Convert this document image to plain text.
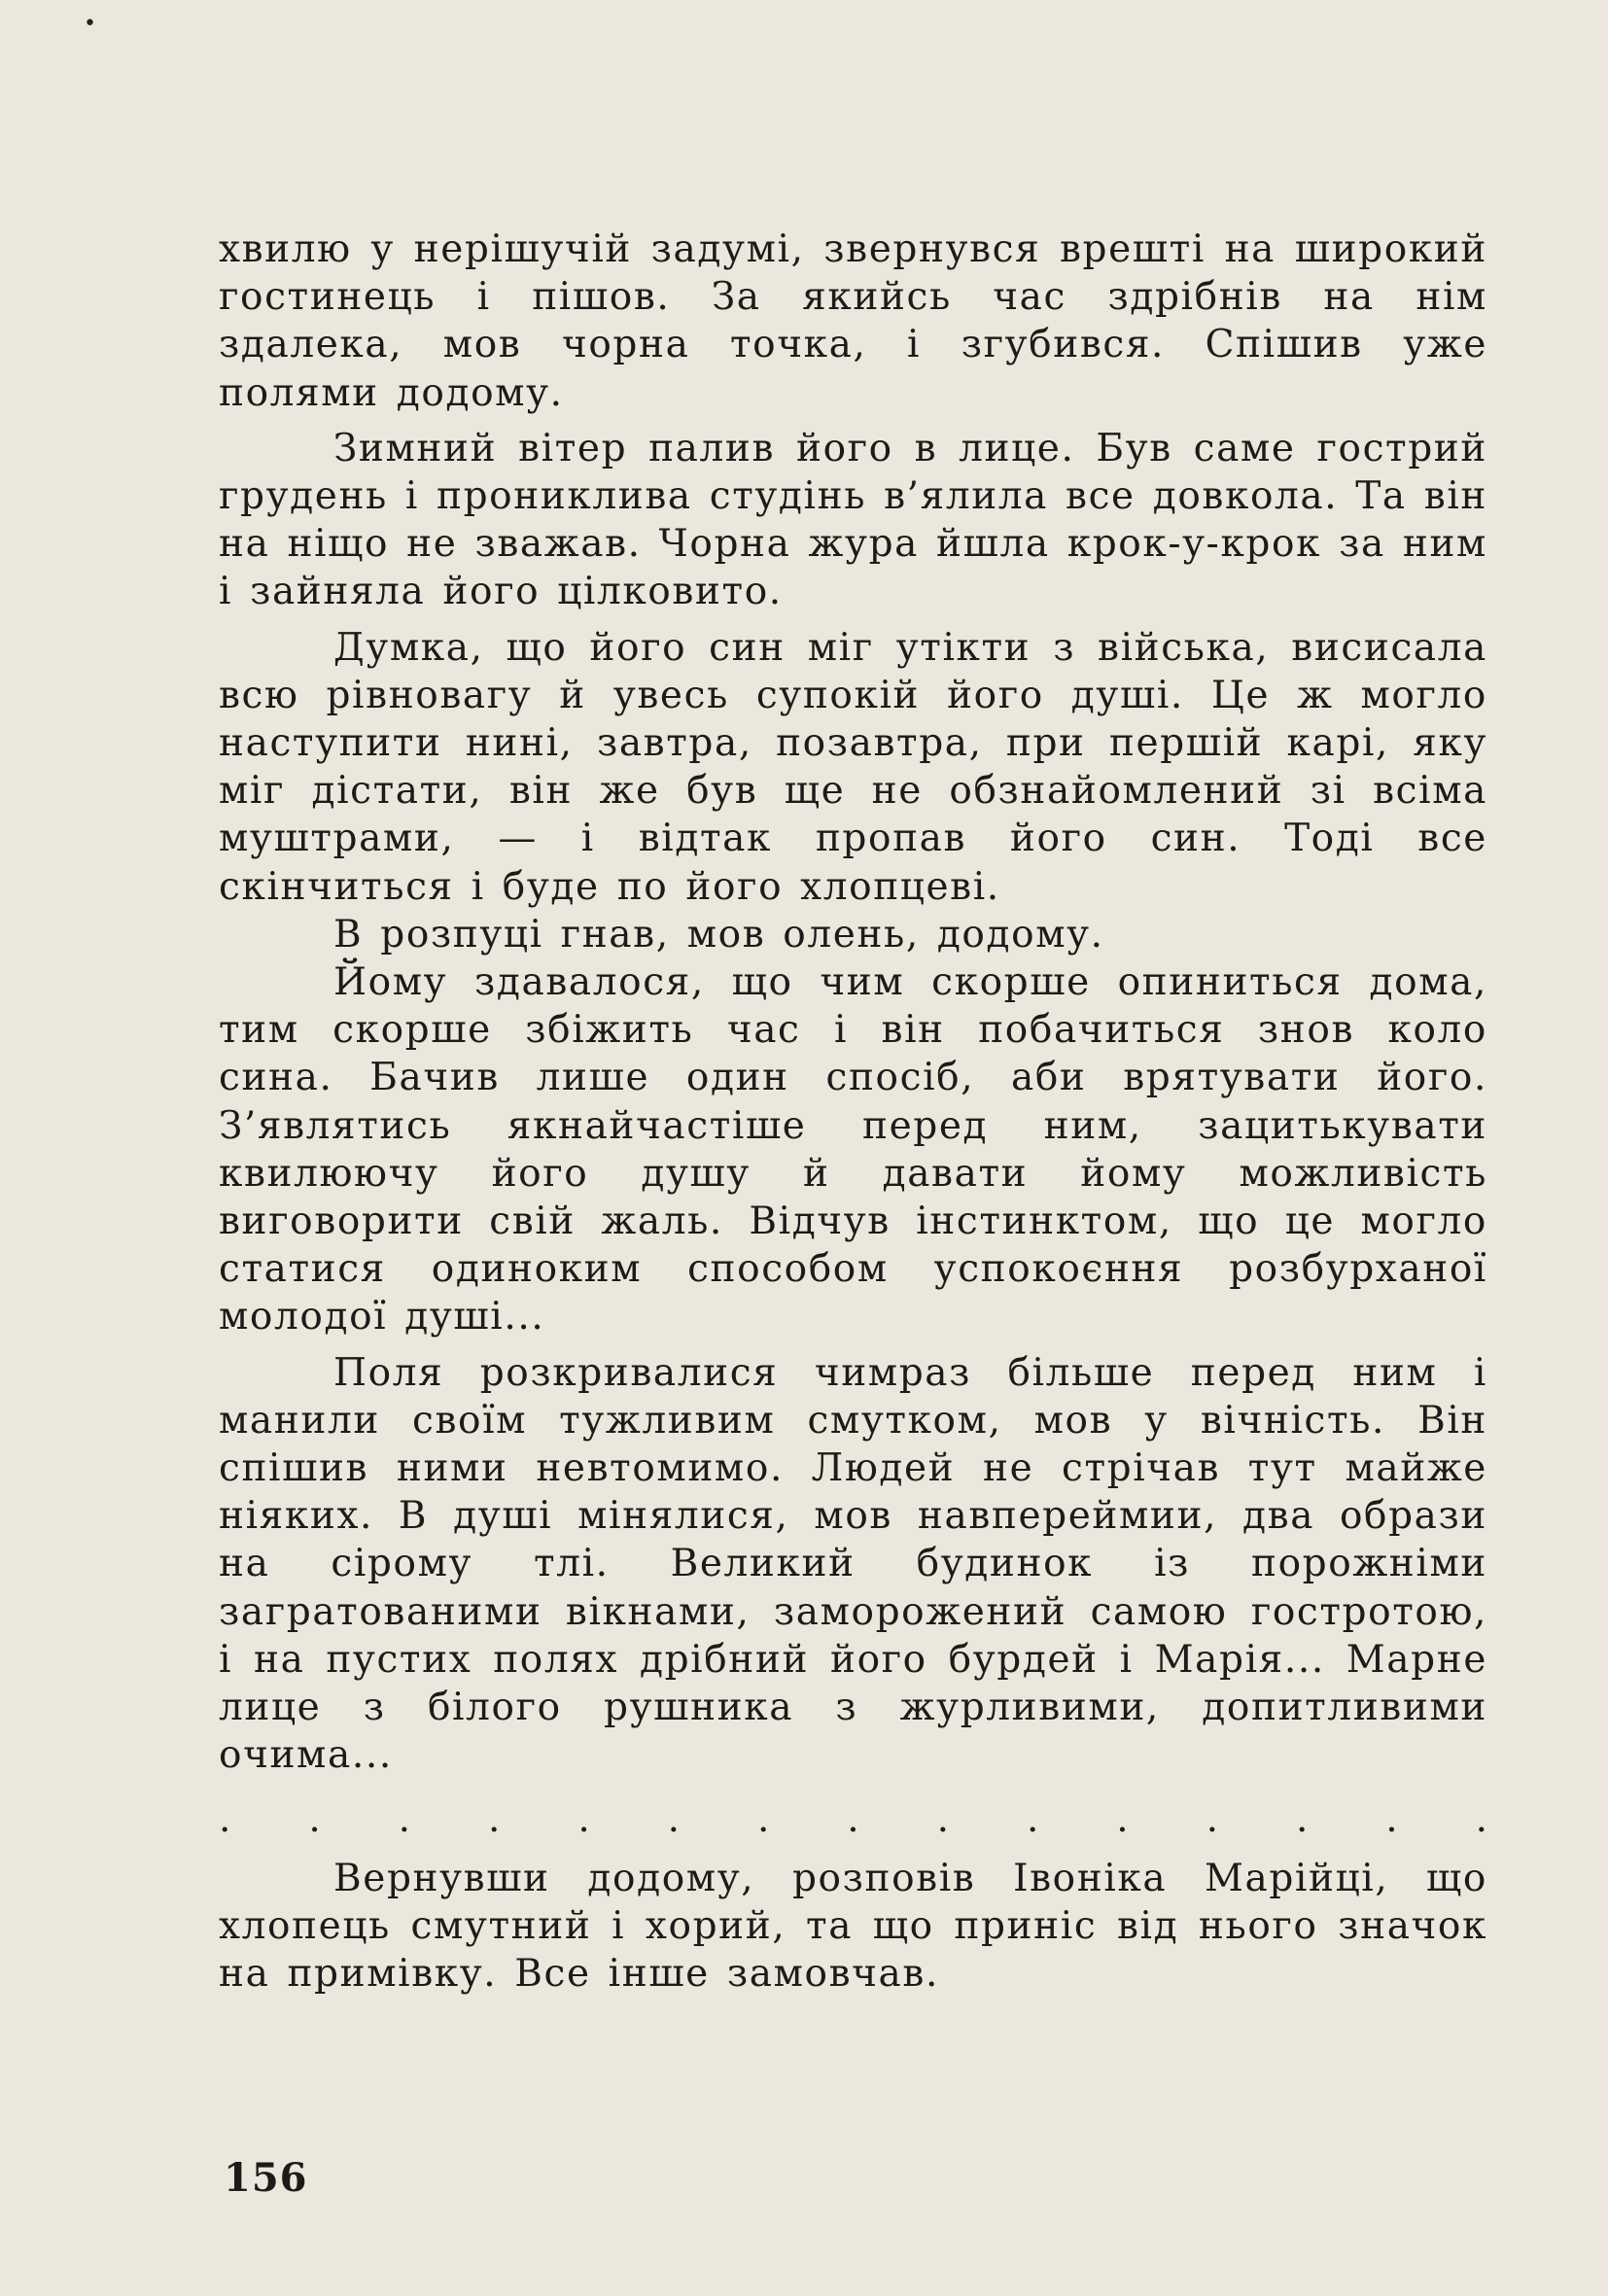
•

хвилю у нерішучій задумі, звернувся врешті на широкий гостинець і пішов. За якийсь час здрібнів на нім здалека, мов чорна точка, і згубився. Спішив уже полями додому.

Зимний вітер палив його в лице. Був саме гострий грудень і прониклива студінь в’ялила все довкола. Та він на ніщо не зважав. Чорна жура йшла крок-у-крок за ним і зайняла його цілковито.

Думка, що його син міг утікти з війська, висисала всю рівновагу й увесь супокій його душі. Це ж могло наступити нині, завтра, позавтра, при першій карі, яку міг дістати, він же був ще не обзнайомлений зі всіма муштрами, — і відтак пропав його син. Тоді все скінчиться і буде по його хлопцеві.

В розпуці гнав, мов олень, додому.

Йому здавалося, що чим скорше опиниться дома, тим скорше збіжить час і він побачиться знов коло сина. Бачив лише один спосіб, аби врятувати його. З’являтись якнайчастіше перед ним, зацитькувати квилюючу його душу й давати йому можливість виговорити свій жаль. Відчув інстинктом, що це могло статися одиноким способом успокоєння розбурханої молодої душі...

Поля розкривалися чимраз більше перед ним і манили своїм тужливим смутком, мов у вічність. Він спішив ними невтомимо. Людей не стрічав тут майже ніяких. В душі мінялися, мов навпереймии, два образи на сірому тлі. Великий будинок із порожніми загратованими вікнами, заморожений самою гостротою, і на пустих полях дрібний його бурдей і Марія... Марне лице з білого рушника з журливими, допитливими очима...

. . . . . . . . . . . . . . .

Вернувши додому, розповів Івоніка Марійці, що хлопець смутний і хорий, та що приніс від нього значок на примівку. Все інше замовчав.

156
